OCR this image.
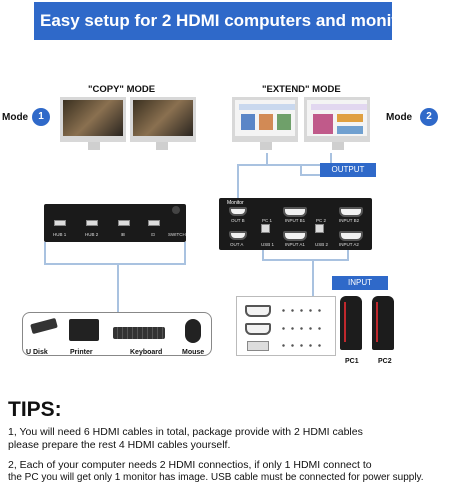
Easy setup for 2 HDMI computers and monitors
"COPY" MODE
Mode	1
"EXTEND" MODE
Mode	2
OUTPUT
HUB 1	HUB 2	⊞	⊡	SWITCH
Monitor
OUT B	PC 1	INPUT B1 PC 2	INPUT B2
OUT A	USB 1 INPUT A1 USB 2 INPUT A2
INPUT
U Disk	Printer	Keyboard	Mouse
PC1	PC2
TIPS:
1, You will need 6 HDMI cables in total, package provide with 2 HDMI cables
please prepare the rest 4 HDMI cables yourself.
2, Each of your computer needs 2 HDMI connectios, if only 1 HDMI connect to
the PC you will get only 1 monitor has image. USB cable must be connected for power supply.
